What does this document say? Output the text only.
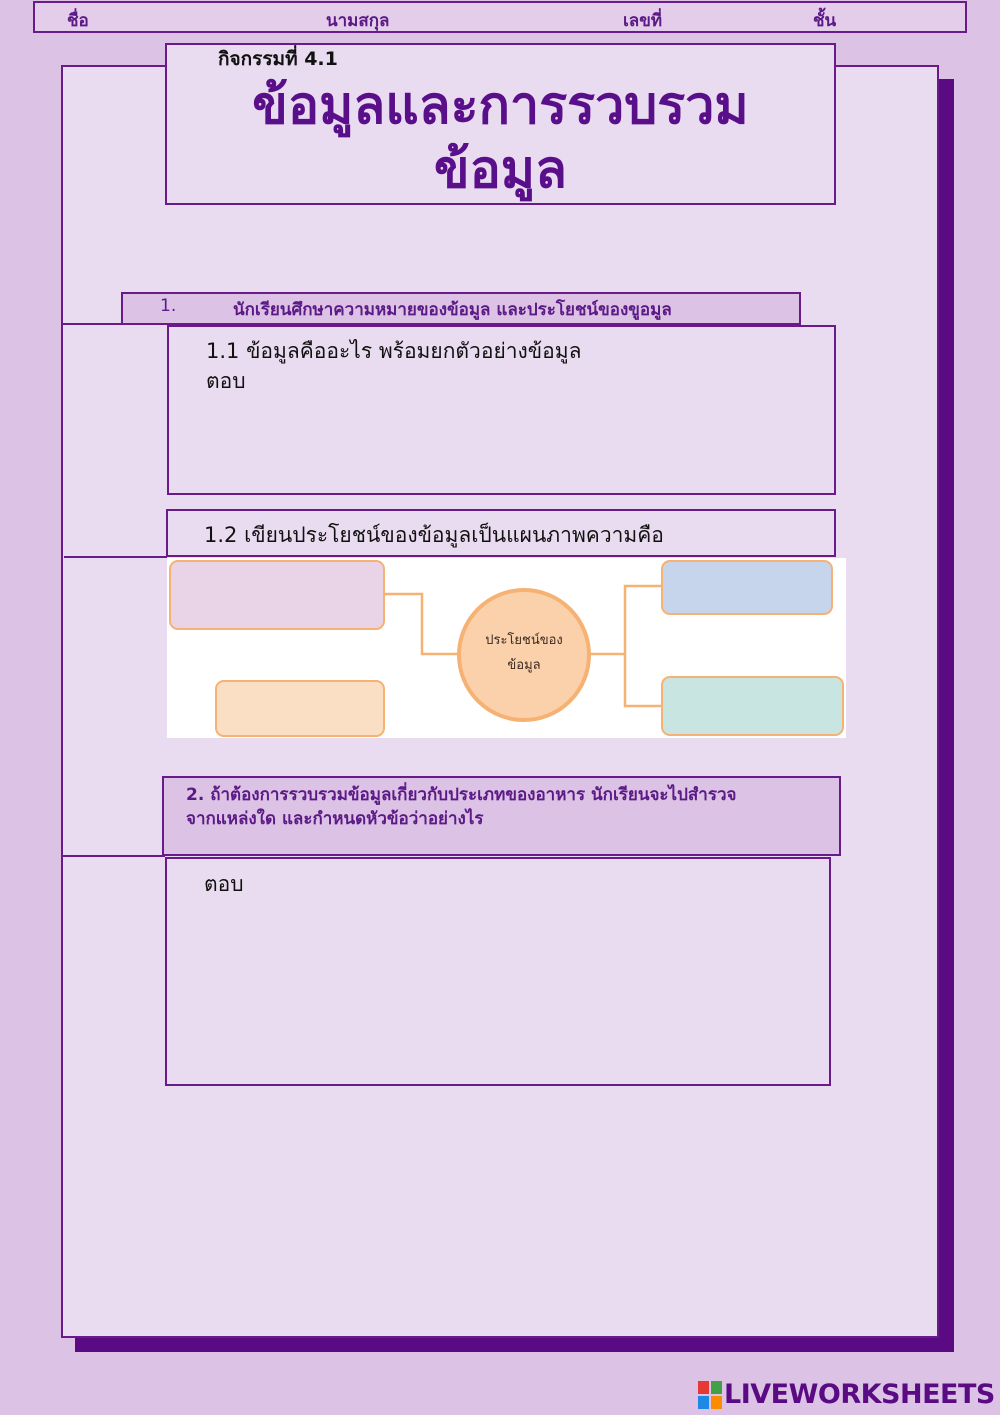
ชื่อ	นามสกุล	เลขที่	ชั้น
กิจกรรมที่ 4.1
ข้อมูลและการรวบรวม
ข้อมูล
1.	นักเรียนศึกษาความหมายของข้อมูล และประโยชน์ของขูอมูล
1.1 ข้อมูลคืออะไร พร้อมยกตัวอย่างข้อมูล
ตอบ
1.2 เขียนประโยชน์ของข้อมูลเป็นแผนภาพความคือ
ประโยชน์ของ
ข้อมูล
2. ถ้าต้องการรวบรวมข้อมูลเกี่ยวกับประเภทของอาหาร นักเรียนจะไปสำรวจ
จากแหล่งใด และกำหนดหัวข้อว่าอย่างไร
ตอบ
LIVEWORKSHEETS
